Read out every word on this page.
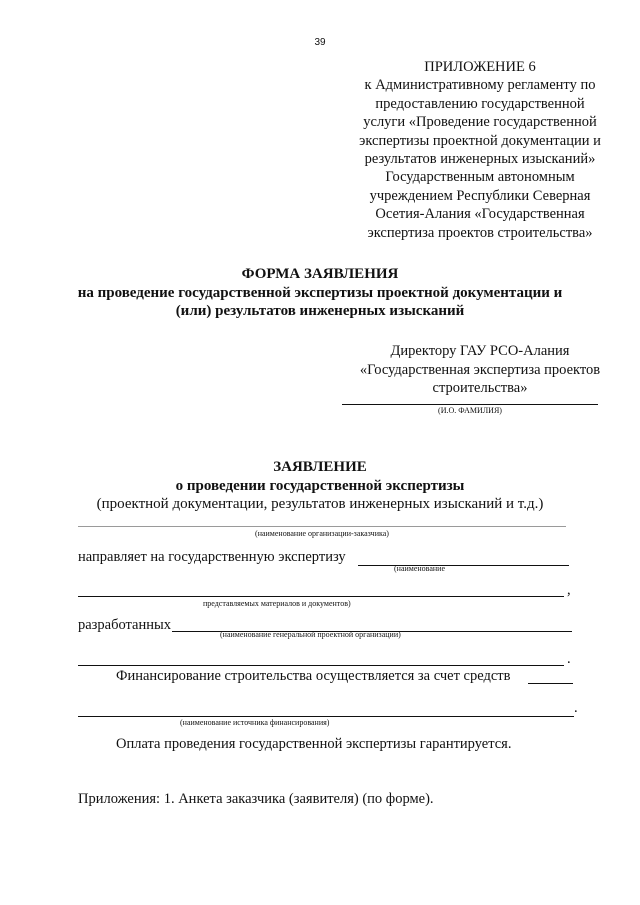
39
ПРИЛОЖЕНИЕ 6
к Административному регламенту по
предоставлению государственной
услуги «Проведение государственной
экспертизы проектной документации и
результатов инженерных изысканий»
Государственным автономным
учреждением Республики Северная
Осетия-Алания «Государственная
экспертиза проектов строительства»
ФОРМА ЗАЯВЛЕНИЯ
на проведение государственной экспертизы проектной документации и
(или) результатов инженерных изысканий
Директору ГАУ РСО-Алания
«Государственная экспертиза проектов
строительства»
(И.О. ФАМИЛИЯ)
ЗАЯВЛЕНИЕ
о проведении государственной экспертизы
(проектной документации, результатов инженерных изысканий и т.д.)
(наименование организации-заказчика)
направляет на государственную экспертизу
(наименование
,
представляемых материалов и документов)
разработанных
(наименование генеральной проектной организации)
.
Финансирование строительства осуществляется за счет средств
.
(наименование источника финансирования)
Оплата проведения государственной экспертизы гарантируется.
Приложения: 1. Анкета заказчика (заявителя) (по форме).
